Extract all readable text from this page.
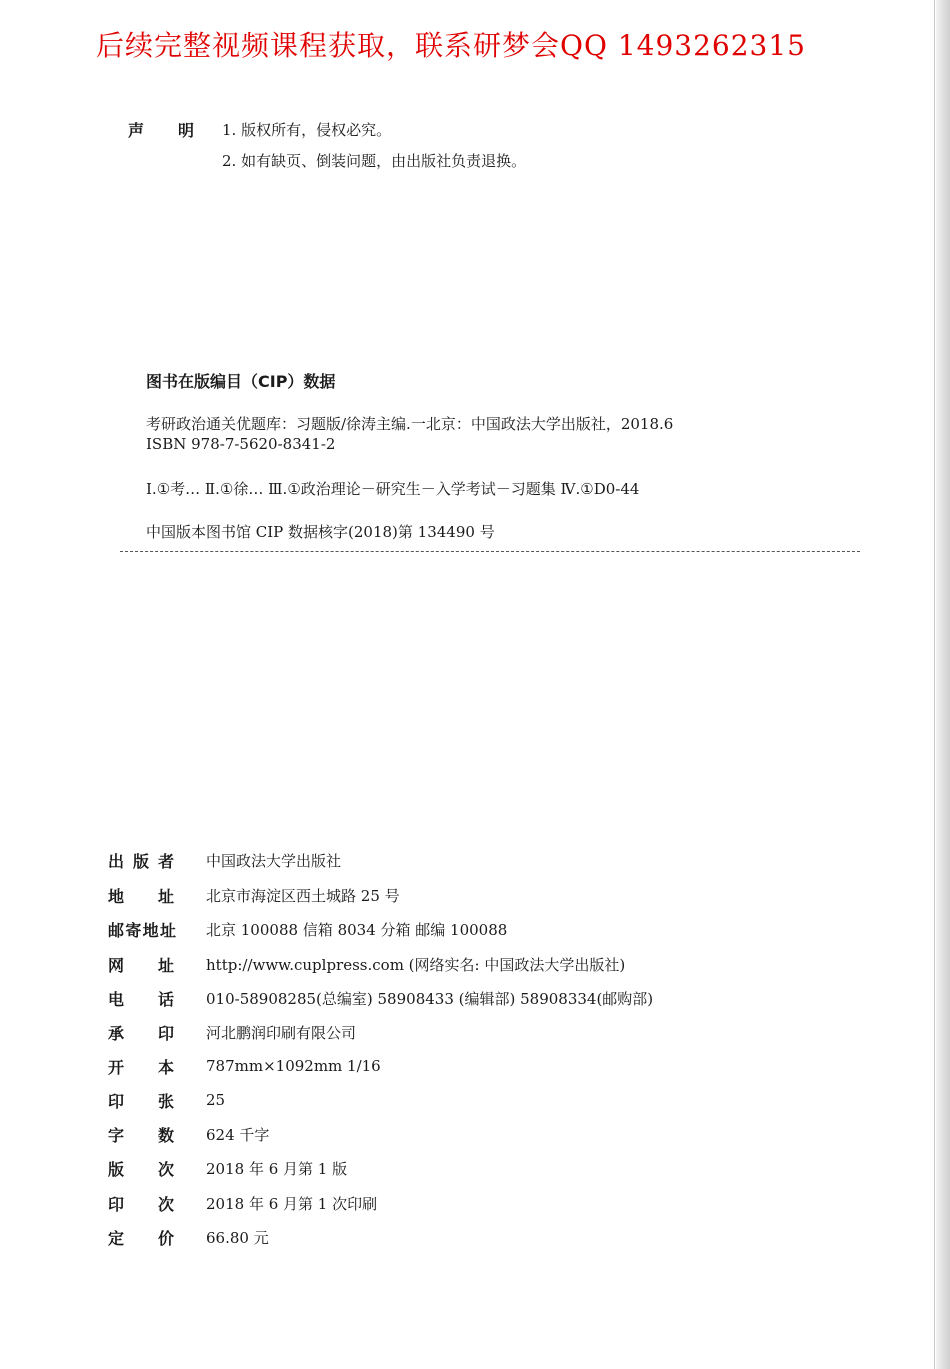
后续完整视频课程获取，联系研梦会QQ 1493262315
声 明 1. 版权所有，侵权必究。
2. 如有缺页、倒装问题，由出版社负责退换。
图书在版编目（CIP）数据
考研政治通关优题库：习题版/徐涛主编.一北京：中国政法大学出版社，2018.6
ISBN 978-7-5620-8341-2
Ⅰ.①考… Ⅱ.①徐… Ⅲ.①政治理论－研究生－入学考试－习题集 Ⅳ.①D0-44
中国版本图书馆 CIP 数据核字(2018)第 134490 号
出 版 者 中国政法大学出版社
地 址 北京市海淀区西土城路 25 号
邮 寄 地 址 北京 100088 信箱 8034 分箱 邮编 100088
网 址 http://www.cuplpress.com (网络实名: 中国政法大学出版社)
电 话 010-58908285(总编室) 58908433 (编辑部) 58908334(邮购部)
承 印 河北鹏润印刷有限公司
开 本 787mm×1092mm 1/16
印 张 25
字 数 624 千字
版 次 2018 年 6 月第 1 版
印 次 2018 年 6 月第 1 次印刷
定 价 66.80 元
